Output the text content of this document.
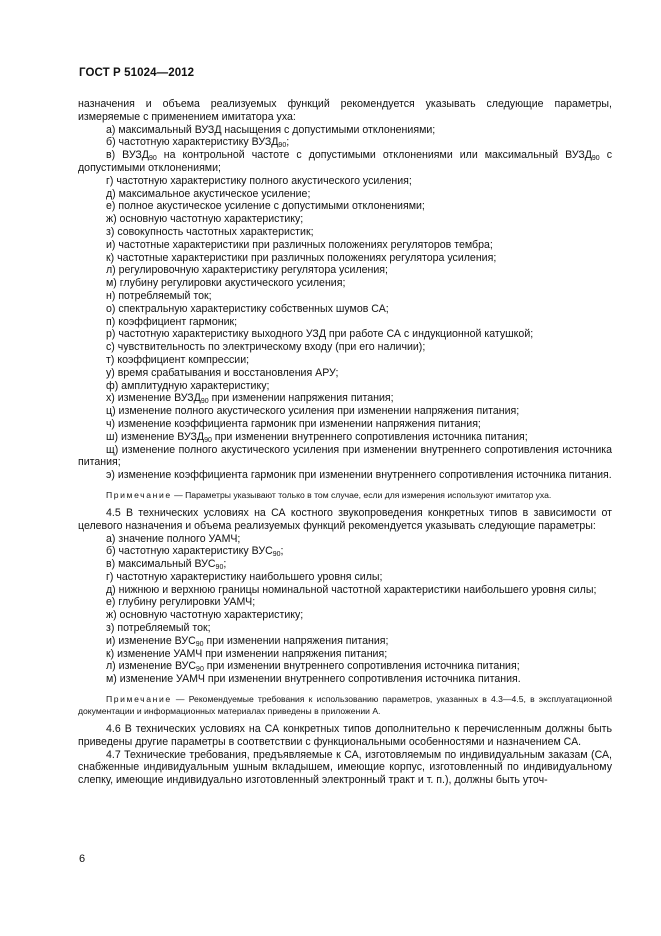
ГОСТ Р 51024—2012

назначения и объема реализуемых функций рекомендуется указывать следующие параметры, измеряемые с применением имитатора уха:

а) максимальный ВУЗД насыщения с допустимыми отклонениями;

б) частотную характеристику $ВУЗД_{90}$;

в) $ВУЗД_{90}$ на контрольной частоте с допустимыми отклонениями или максимальный $ВУЗД_{90}$ с допустимыми отклонениями;

г) частотную характеристику полного акустического усиления;

д) максимальное акустическое усиление;

е) полное акустическое усиление с допустимыми отклонениями;

ж) основную частотную характеристику;

з) совокупность частотных характеристик;

и) частотные характеристики при различных положениях регуляторов тембра;

к) частотные характеристики при различных положениях регулятора усиления;

л) регулировочную характеристику регулятора усиления;

м) глубину регулировки акустического усиления;

н) потребляемый ток;

о) спектральную характеристику собственных шумов СА;

п) коэффициент гармоник;

р) частотную характеристику выходного УЗД при работе СА с индукционной катушкой;

с) чувствительность по электрическому входу (при его наличии);

т) коэффициент компрессии;

у) время срабатывания и восстановления АРУ;

ф) амплитудную характеристику;

х) изменение $ВУЗД_{90}$ при изменении напряжения питания;

ц) изменение полного акустического усиления при изменении напряжения питания;

ч) изменение коэффициента гармоник при изменении напряжения питания;

ш) изменение $ВУЗД_{90}$ при изменении внутреннего сопротивления источника питания;

щ) изменение полного акустического усиления при изменении внутреннего сопротивления источника питания;

э) изменение коэффициента гармоник при изменении внутреннего сопротивления источника питания.

Примечание — Параметры указывают только в том случае, если для измерения используют имитатор уха.

4.5 В технических условиях на СА костного звукопроведения конкретных типов в зависимости от целевого назначения и объема реализуемых функций рекомендуется указывать следующие параметры:

а) значение полного УАМЧ;

б) частотную характеристику $ВУС_{90}$;

в) максимальный $ВУС_{90}$;

г) частотную характеристику наибольшего уровня силы;

д) нижнюю и верхнюю границы номинальной частотной характеристики наибольшего уровня силы;

е) глубину регулировки УАМЧ;

ж) основную частотную характеристику;

з) потребляемый ток;

и) изменение $ВУС_{90}$ при изменении напряжения питания;

к) изменение УАМЧ при изменении напряжения питания;

л) изменение $ВУС_{90}$ при изменении внутреннего сопротивления источника питания;

м) изменение УАМЧ при изменении внутреннего сопротивления источника питания.

Примечание — Рекомендуемые требования к использованию параметров, указанных в 4.3—4.5, в эксплуатационной документации и информационных материалах приведены в приложении А.

4.6 В технических условиях на СА конкретных типов дополнительно к перечисленным должны быть приведены другие параметры в соответствии с функциональными особенностями и назначением СА.

4.7 Технические требования, предъявляемые к СА, изготовляемым по индивидуальным заказам (СА, снабженные индивидуальным ушным вкладышем, имеющие корпус, изготовленный по индивидуальному слепку, имеющие индивидуально изготовленный электронный тракт и т. п.), должны быть уточ-

6
